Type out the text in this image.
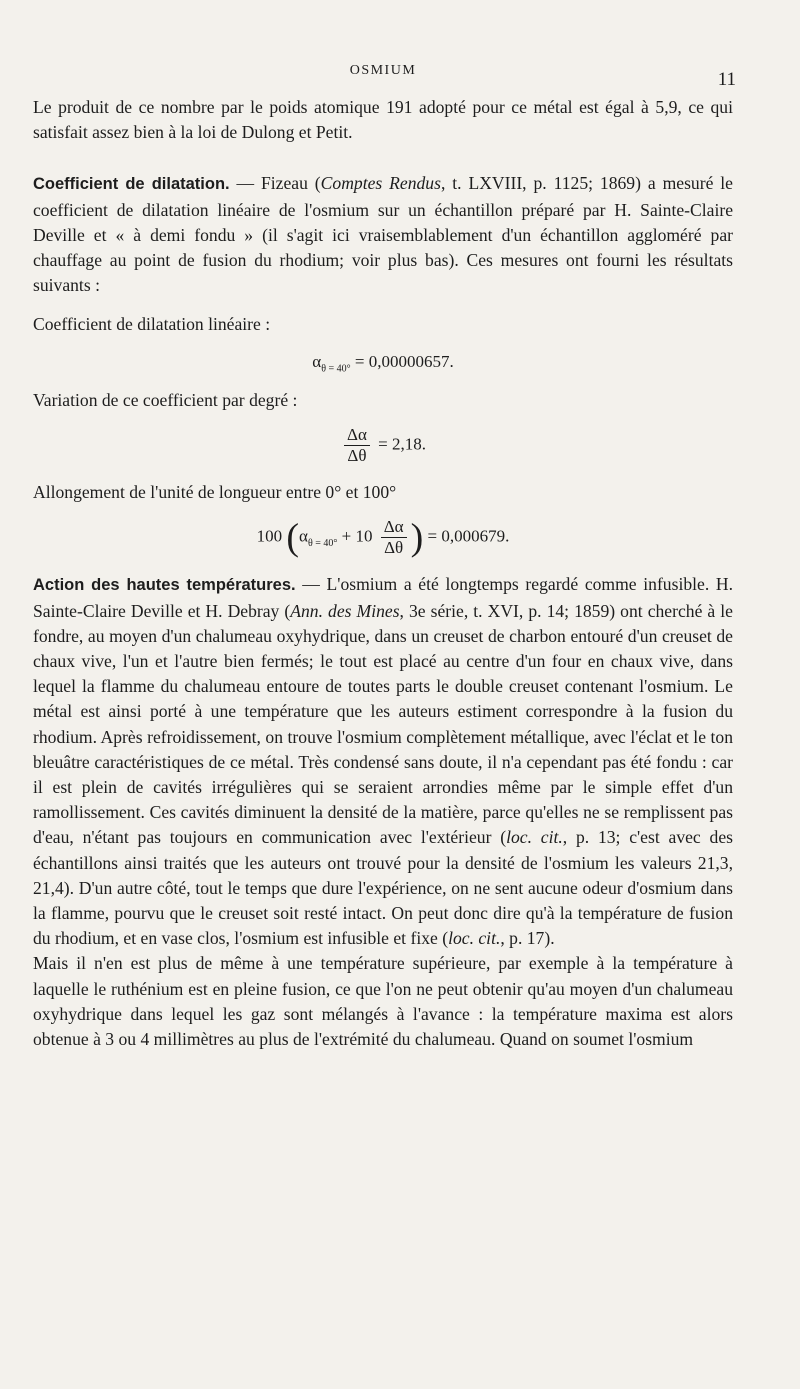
OSMIUM	11

Le produit de ce nombre par le poids atomique 191 adopté pour ce métal est égal à 5,9, ce qui satisfait assez bien à la loi de Dulong et Petit.

Coefficient de dilatation. — Fizeau (Comptes Rendus, t. LXVIII, p. 1125; 1869) a mesuré le coefficient de dilatation linéaire de l'osmium sur un échantillon préparé par H. Sainte-Claire Deville et « à demi fondu » (il s'agit ici vraisemblablement d'un échantillon aggloméré par chauffage au point de fusion du rhodium; voir plus bas). Ces mesures ont fourni les résultats suivants :

Coefficient de dilatation linéaire :

$\alpha_{\theta = 40^\circ} = 0,00000657$.

Variation de ce coefficient par degré :

$\frac{\Delta\alpha}{\Delta\theta} = 2,18$.

Allongement de l'unité de longueur entre 0° et 100°

100 ($\alpha_{\theta = 40^\circ} + 10 \frac{\Delta\alpha}{\Delta\theta}$ ) = 0,000679.

Action des hautes températures. — L'osmium a été longtemps regardé comme infusible. H. Sainte-Claire Deville et H. Debray (Ann. des Mines, 3e série, t. XVI, p. 14; 1859) ont cherché à le fondre, au moyen d'un chalumeau oxyhydrique, dans un creuset de charbon entouré d'un creuset de chaux vive, l'un et l'autre bien fermés; le tout est placé au centre d'un four en chaux vive, dans lequel la flamme du chalumeau entoure de toutes parts le double creuset contenant l'osmium. Le métal est ainsi porté à une température que les auteurs estiment correspondre à la fusion du rhodium. Après refroidissement, on trouve l'osmium complètement métallique, avec l'éclat et le ton bleuâtre caractéristiques de ce métal. Très condensé sans doute, il n'a cependant pas été fondu : car il est plein de cavités irrégulières qui se seraient arrondies même par le simple effet d'un ramollissement. Ces cavités diminuent la densité de la matière, parce qu'elles ne se remplissent pas d'eau, n'étant pas toujours en communication avec l'extérieur (loc. cit., p. 13; c'est avec des échantillons ainsi traités que les auteurs ont trouvé pour la densité de l'osmium les valeurs 21,3, 21,4). D'un autre côté, tout le temps que dure l'expérience, on ne sent aucune odeur d'osmium dans la flamme, pourvu que le creuset soit resté intact. On peut donc dire qu'à la température de fusion du rhodium, et en vase clos, l'osmium est infusible et fixe (loc. cit., p. 17).

Mais il n'en est plus de même à une température supérieure, par exemple à la température à laquelle le ruthénium est en pleine fusion, ce que l'on ne peut obtenir qu'au moyen d'un chalumeau oxyhydrique dans lequel les gaz sont mélangés à l'avance : la température maxima est alors obtenue à 3 ou 4 millimètres au plus de l'extrémité du chalumeau. Quand on soumet l'osmium
